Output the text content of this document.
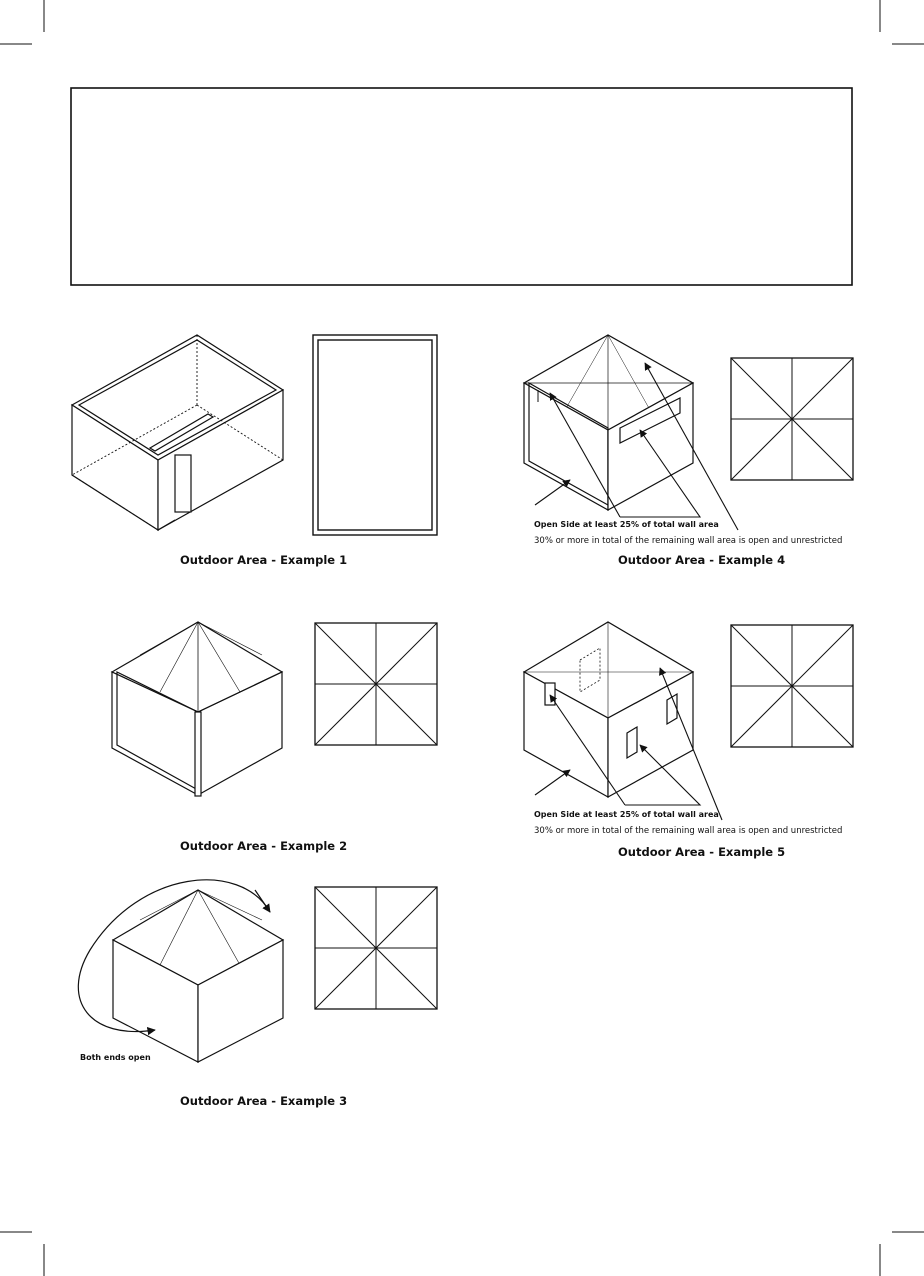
Outdoor Area - Example 1
Outdoor Area - Example 2
Outdoor Area - Example 3
Outdoor Area - Example 4
Outdoor Area - Example 5
Both ends open
Open Side at least 25% of total wall area
30% or more in total of the remaining wall area is open and unrestricted
Open Side at least 25% of total wall area
30% or more in total of the remaining wall area is open and unrestricted
